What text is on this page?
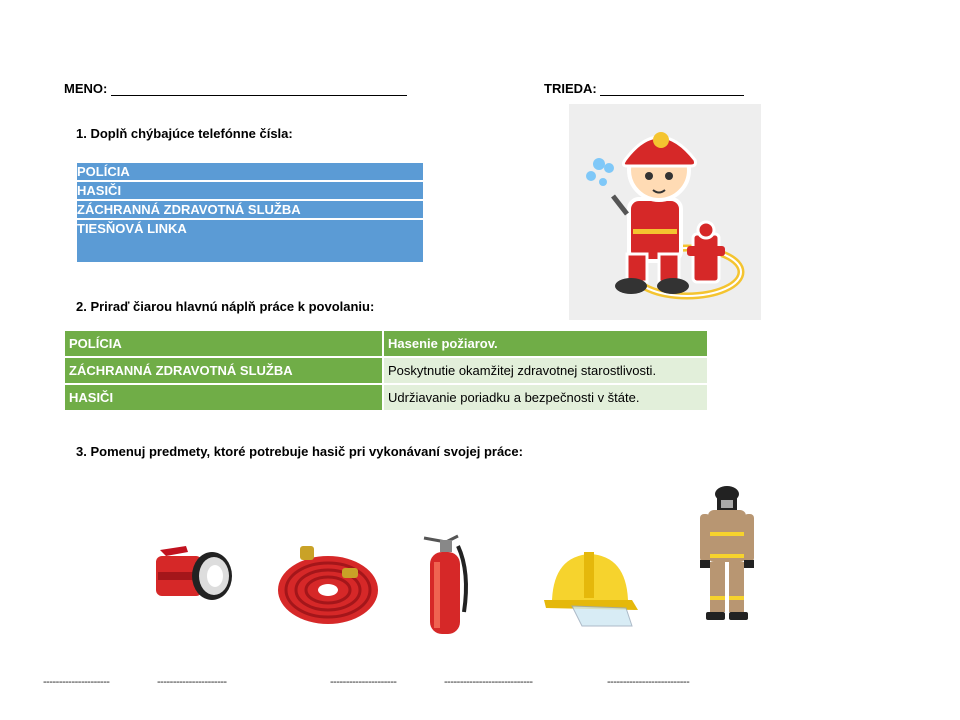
MENO:	TRIEDA:
1. Doplň chýbajúce telefónne čísla:
POLÍCIA
HASIČI
ZÁCHRANNÁ ZDRAVOTNÁ SLUŽBA
TIESŇOVÁ LINKA
2. Priraď čiarou hlavnú náplň práce k povolaniu:
POLÍCIA	Hasenie požiarov.
ZÁCHRANNÁ ZDRAVOTNÁ SLUŽBA	Poskytnutie okamžitej zdravotnej starostlivosti.
HASIČI	Udržiavanie poriadku a bezpečnosti v štáte.
3. Pomenuj predmety, ktoré potrebuje hasič pri vykonávaní svojej práce:
---------------------	----------------------	---------------------	----------------------------	--------------------------
